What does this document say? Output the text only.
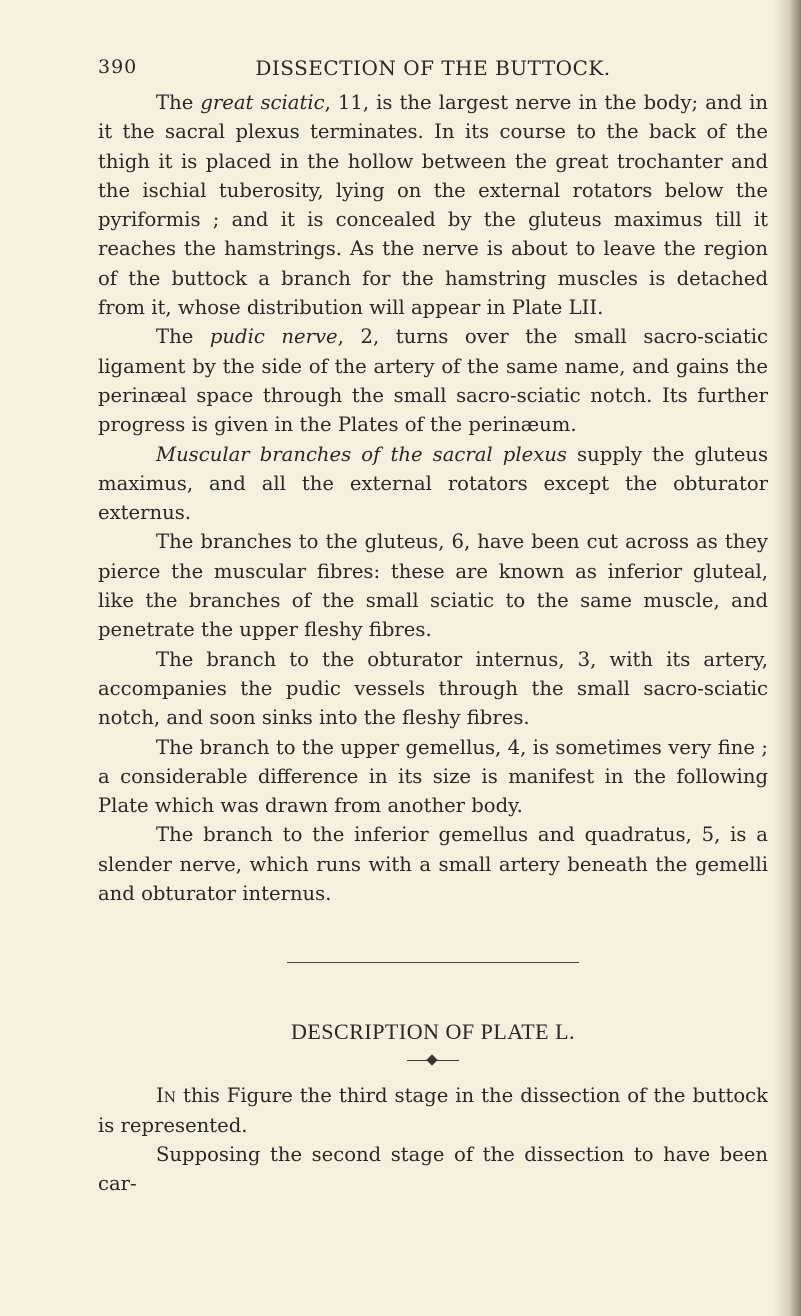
390	DISSECTION OF THE BUTTOCK.

The great sciatic, 11, is the largest nerve in the body; and in it the sacral plexus terminates. In its course to the back of the thigh it is placed in the hollow between the great trochanter and the ischial tuberosity, lying on the external rotators below the pyriformis ; and it is concealed by the gluteus maximus till it reaches the hamstrings. As the nerve is about to leave the region of the buttock a branch for the hamstring muscles is detached from it, whose distribution will appear in Plate LII.

The pudic nerve, 2, turns over the small sacro-sciatic ligament by the side of the artery of the same name, and gains the perinæal space through the small sacro-sciatic notch. Its further progress is given in the Plates of the perinæum.

Muscular branches of the sacral plexus supply the gluteus maximus, and all the external rotators except the obturator externus.

The branches to the gluteus, 6, have been cut across as they pierce the muscular fibres: these are known as inferior gluteal, like the branches of the small sciatic to the same muscle, and penetrate the upper fleshy fibres.

The branch to the obturator internus, 3, with its artery, accompanies the pudic vessels through the small sacro-sciatic notch, and soon sinks into the fleshy fibres.

The branch to the upper gemellus, 4, is sometimes very fine ; a considerable difference in its size is manifest in the following Plate which was drawn from another body.

The branch to the inferior gemellus and quadratus, 5, is a slender nerve, which runs with a small artery beneath the gemelli and obturator internus.

DESCRIPTION OF PLATE L.

In this Figure the third stage in the dissection of the buttock is represented.

Supposing the second stage of the dissection to have been car-
